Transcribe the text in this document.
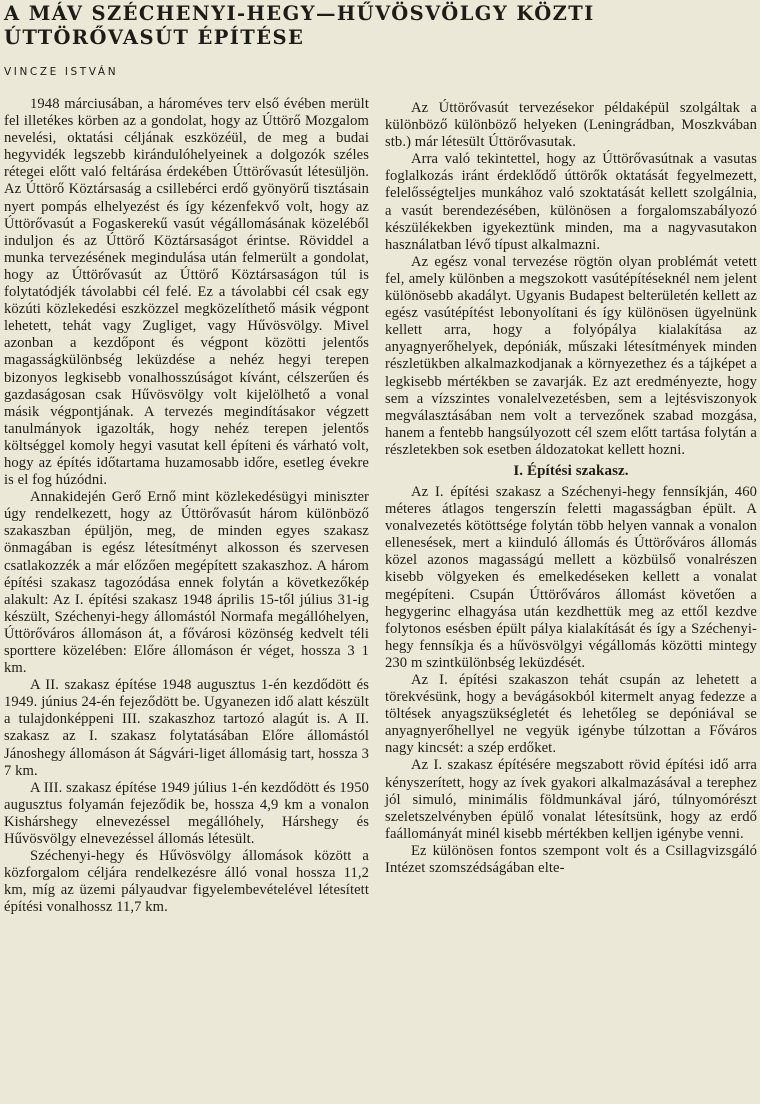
A MÁV SZÉCHENYI-HEGY—HŰVÖSVÖLGY KÖZTI
ÚTTÖRŐVASÚT ÉPÍTÉSE

VINCZE ISTVÁN

1948 márciusában, a hároméves terv első évében merült fel illetékes körben az a gondolat, hogy az Úttörő Mozgalom nevelési, oktatási céljának eszközéül, de meg a budai hegyvidék legszebb kirándulóhelyeinek a dolgozók széles rétegei előtt való feltárása érdekében Úttörővasút létesüljön. Az Úttörő Köztársaság a csillebérci erdő gyönyörű tisztásain nyert pompás elhelyezést és így kézenfekvő volt, hogy az Úttörővasút a Fogaskerekű vasút végállomásának közeléből induljon és az Úttörő Köztársaságot érintse. Röviddel a munka tervezésének megindulása után felmerült a gondolat, hogy az Úttörővasút az Úttörő Köztársaságon túl is folytatódjék távolabbi cél felé. Ez a távolabbi cél csak egy közúti közlekedési eszközzel megközelíthető másik végpont lehetett, tehát vagy Zugliget, vagy Hűvösvölgy. Mivel azonban a kezdőpont és végpont közötti jelentős magasságkülönbség leküzdése a nehéz hegyi terepen bizonyos legkisebb vonalhosszúságot kívánt, célszerűen és gazdaságosan csak Hűvösvölgy volt kijelölhető a vonal másik végpontjának. A tervezés megindításakor végzett tanulmányok igazolták, hogy nehéz terepen jelentős költséggel komoly hegyi vasutat kell építeni és várható volt, hogy az építés időtartama huzamosabb időre, esetleg évekre is el fog húzódni.

Annakidején Gerő Ernő mint közlekedésügyi miniszter úgy rendelkezett, hogy az Úttörővasút három különböző szakaszban épüljön, meg, de minden egyes szakasz önmagában is egész létesítményt alkosson és szervesen csatlakozzék a már előzően megépített szakaszhoz. A három építési szakasz tagozódása ennek folytán a következőkép alakult: Az I. építési szakasz 1948 április 15-től július 31-ig készült, Széchenyi-hegy állomástól Normafa megállóhelyen, Úttörőváros állomáson át, a fővárosi közönség kedvelt téli sporttere közelében: Előre állomáson ér véget, hossza 3 1 km.

A II. szakasz építése 1948 augusztus 1-én kezdődött és 1949. június 24-én fejeződött be. Ugyanezen idő alatt készült a tulajdonképpeni III. szakaszhoz tartozó alagút is. A II. szakasz az I. szakasz folytatásában Előre állomástól Jánoshegy állomáson át Ságvári-liget állomásig tart, hossza 3 7 km.

A III. szakasz építése 1949 július 1-én kezdődött és 1950 augusztus folyamán fejeződik be, hossza 4,9 km a vonalon Kishárshegy elnevezéssel megállóhely, Hárshegy és Hűvösvölgy elnevezéssel állomás létesült.

Széchenyi-hegy és Hűvösvölgy állomások között a közforgalom céljára rendelkezésre álló vonal hossza 11,2 km, míg az üzemi pályaudvar figyelembevételével létesített építési vonalhossz 11,7 km.

Az Úttörővasút tervezésekor példaképül szolgáltak a különböző különböző helyeken (Leningrádban, Moszkvában stb.) már létesült Úttörővasutak.

Arra való tekintettel, hogy az Úttörővasútnak a vasutas foglalkozás iránt érdeklődő úttörők oktatását fegyelmezett, felelősségteljes munkához való szoktatását kellett szolgálnia, a vasút berendezésében, különösen a forgalomszabályozó készülékekben igyekeztünk minden, ma a nagyvasutakon használatban lévő típust alkalmazni.

Az egész vonal tervezése rögtön olyan problémát vetett fel, amely különben a megszokott vasútépítéseknél nem jelent különösebb akadályt. Ugyanis Budapest belterületén kellett az egész vasútépítést lebonyolítani és így különösen ügyelnünk kellett arra, hogy a folyópálya kialakítása az anyagnyerőhelyek, depóniák, műszaki létesítmények minden részletükben alkalmazkodjanak a környezethez és a tájképet a legkisebb mértékben se zavarják. Ez azt eredményezte, hogy sem a vízszintes vonalelvezetésben, sem a lejtésviszonyok megválasztásában nem volt a tervezőnek szabad mozgása, hanem a fentebb hangsúlyozott cél szem előtt tartása folytán a részletekben sok esetben áldozatokat kellett hozni.

I. Építési szakasz.

Az I. építési szakasz a Széchenyi-hegy fennsíkján, 460 méteres átlagos tengerszín feletti magasságban épült. A vonalvezetés kötöttsége folytán több helyen vannak a vonalon ellenesések, mert a kiinduló állomás és Úttörőváros állomás közel azonos magasságú mellett a közbülső vonalrészen kisebb völgyeken és emelkedéseken kellett a vonalat megépíteni. Csupán Úttörőváros állomást követően a hegygerinc elhagyása után kezdhettük meg az ettől kezdve folytonos esésben épült pálya kialakítását és így a Széchenyi-hegy fennsíkja és a hűvösvölgyi végállomás közötti mintegy 230 m szintkülönbség leküzdését.

Az I. építési szakaszon tehát csupán az lehetett a törekvésünk, hogy a bevágásokból kitermelt anyag fedezze a töltések anyagszükségletét és lehetőleg se depóniával se anyagnyerőhellyel ne vegyük igénybe túlzottan a Főváros nagy kincsét: a szép erdőket.

Az I. szakasz építésére megszabott rövid építési idő arra kényszerített, hogy az ívek gyakori alkalmazásával a terephez jól simuló, minimális földmunkával járó, túlnyomórészt szeletszelvényben épülő vonalat létesítsünk, hogy az erdő faállományát minél kisebb mértékben kelljen igénybe venni.

Ez különösen fontos szempont volt és a Csillagvizsgáló Intézet szomszédságában elte-
